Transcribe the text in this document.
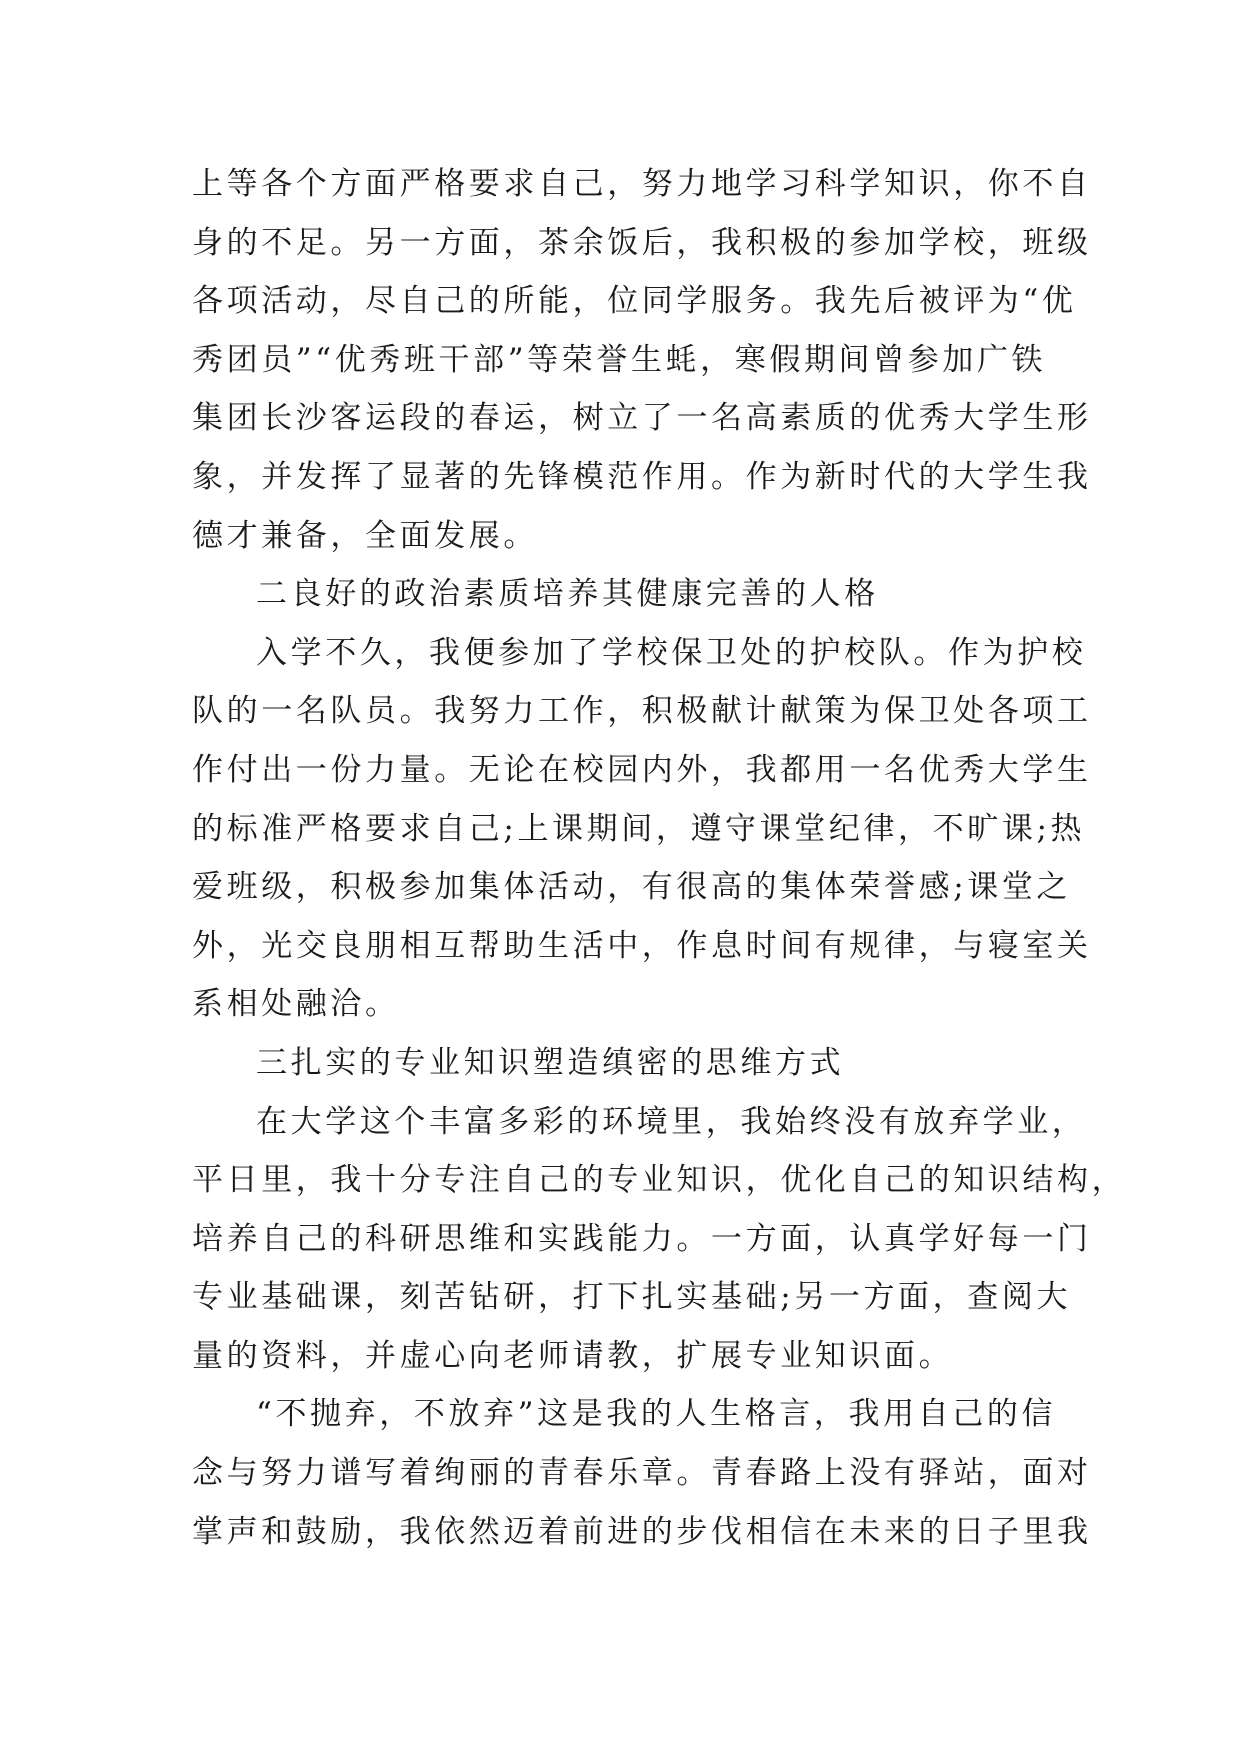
上等各个方面严格要求自己，努力地学习科学知识，你不自
身的不足。另一方面，茶余饭后，我积极的参加学校，班级
各项活动，尽自己的所能，位同学服务。我先后被评为“优
秀团员”“优秀班干部”等荣誉生蚝，寒假期间曾参加广铁
集团长沙客运段的春运，树立了一名高素质的优秀大学生形
象，并发挥了显著的先锋模范作用。作为新时代的大学生我
德才兼备，全面发展。
二良好的政治素质培养其健康完善的人格
入学不久，我便参加了学校保卫处的护校队。作为护校
队的一名队员。我努力工作，积极献计献策为保卫处各项工
作付出一份力量。无论在校园内外，我都用一名优秀大学生
的标准严格要求自己;上课期间，遵守课堂纪律，不旷课;热
爱班级，积极参加集体活动，有很高的集体荣誉感;课堂之
外，光交良朋相互帮助生活中，作息时间有规律，与寝室关
系相处融洽。
三扎实的专业知识塑造缜密的思维方式
在大学这个丰富多彩的环境里，我始终没有放弃学业，
平日里，我十分专注自己的专业知识，优化自己的知识结构，
培养自己的科研思维和实践能力。一方面，认真学好每一门
专业基础课，刻苦钻研，打下扎实基础;另一方面，查阅大
量的资料，并虚心向老师请教，扩展专业知识面。
“不抛弃，不放弃”这是我的人生格言，我用自己的信
念与努力谱写着绚丽的青春乐章。青春路上没有驿站，面对
掌声和鼓励，我依然迈着前进的步伐相信在未来的日子里我
